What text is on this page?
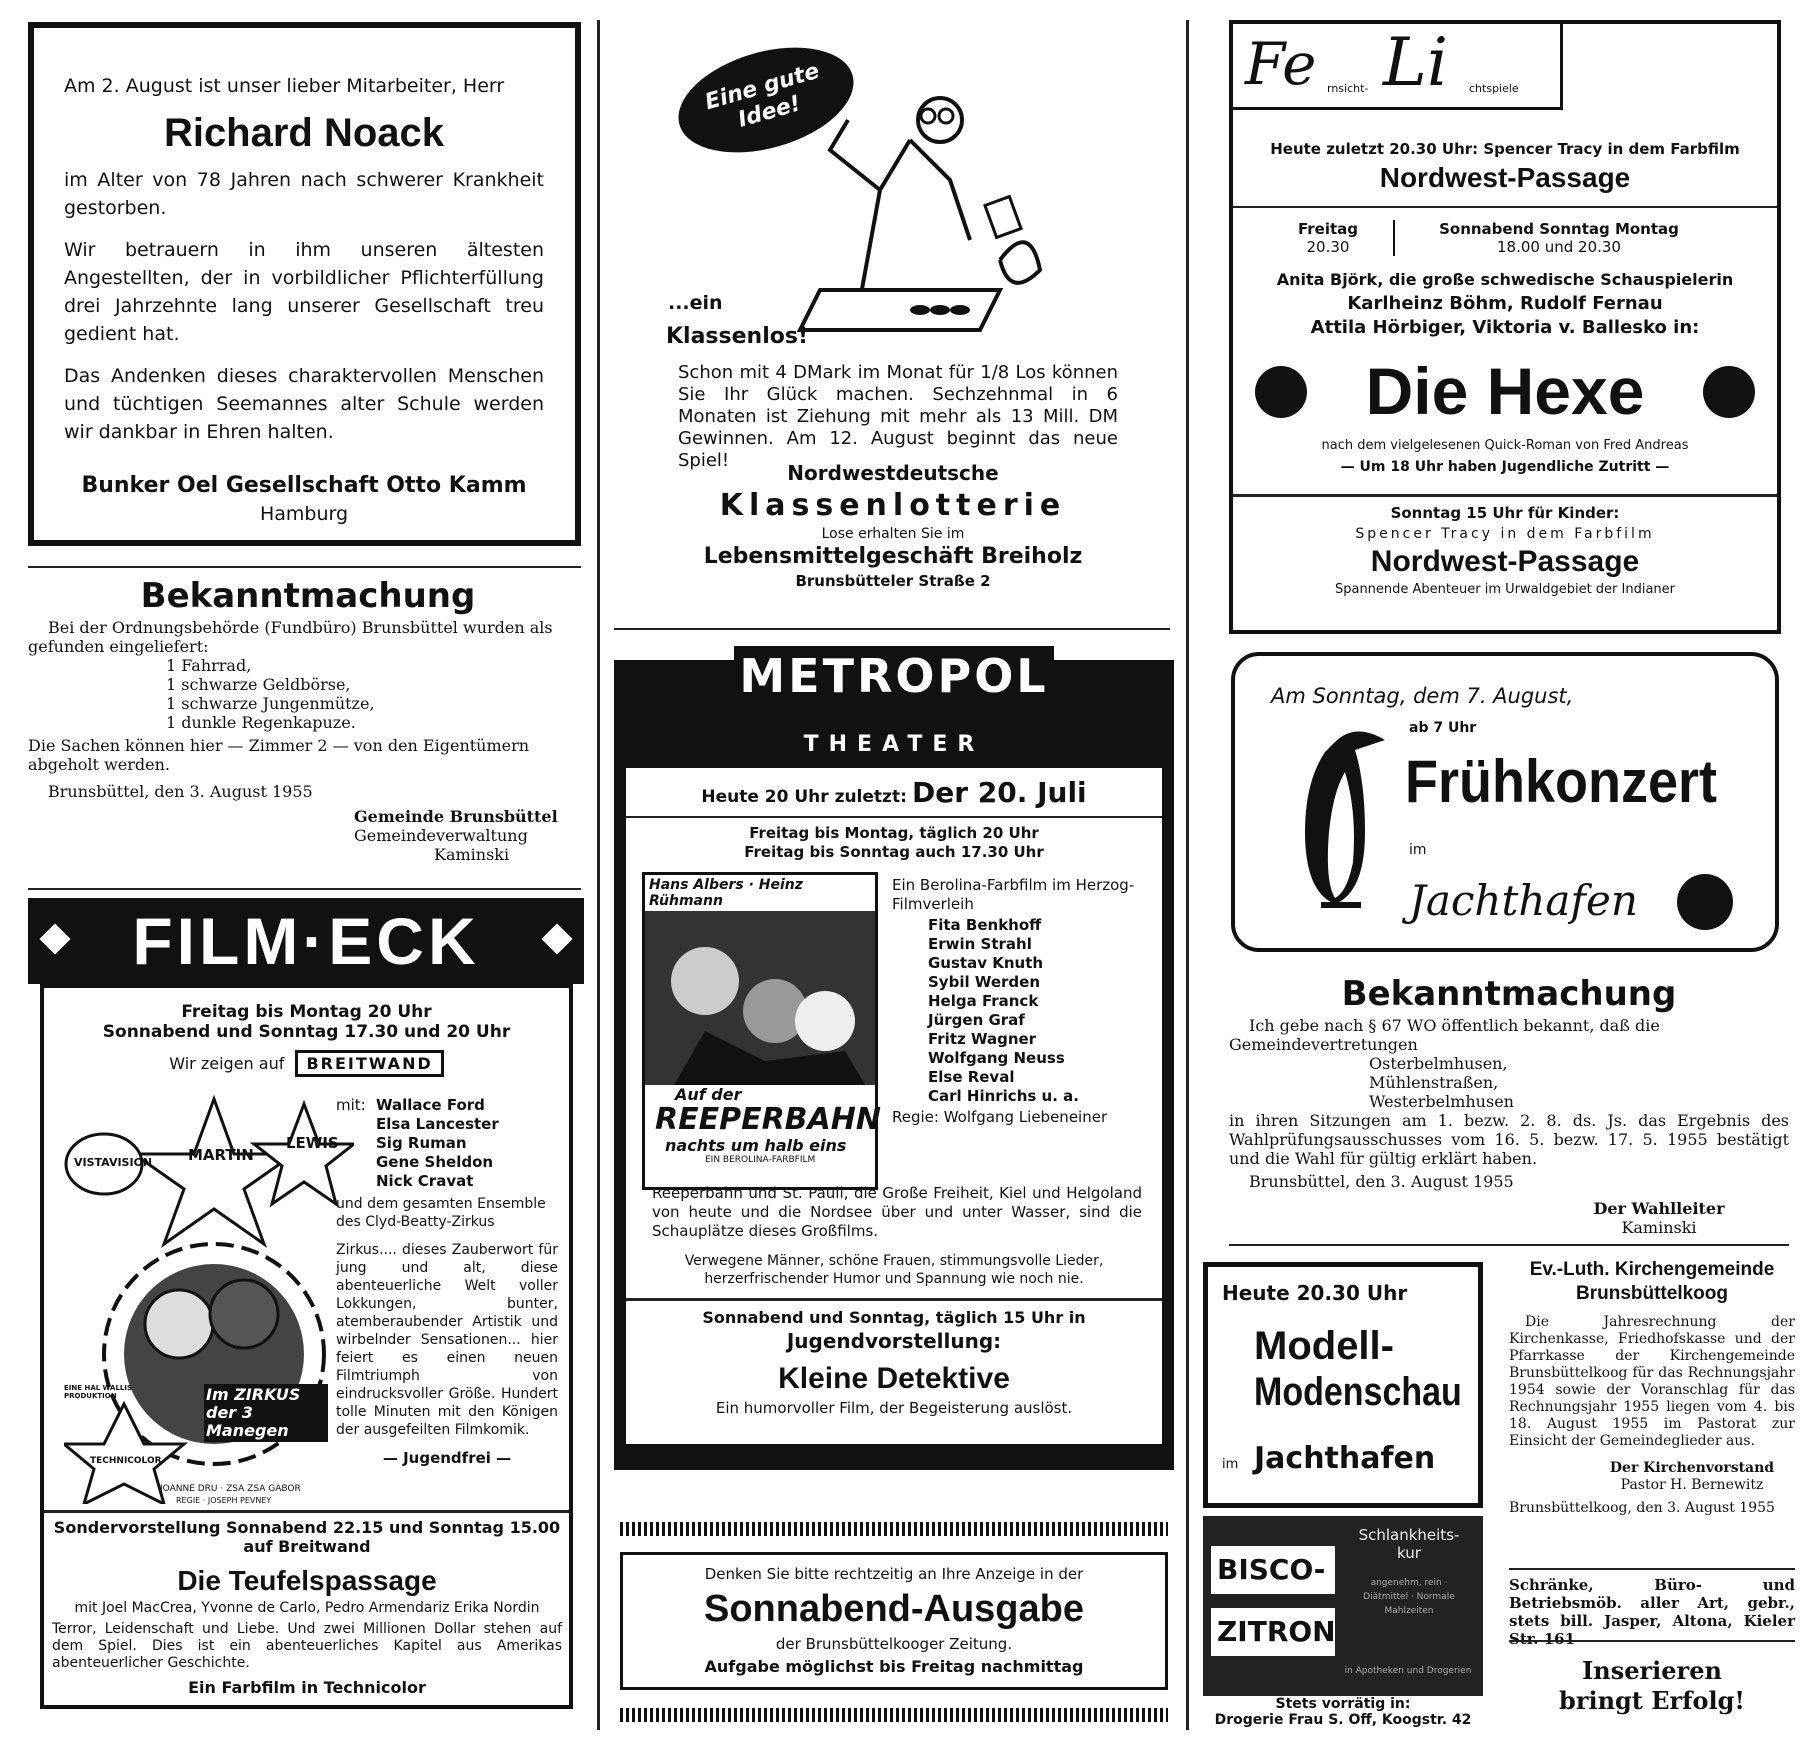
Am 2. August ist unser lieber Mitarbeiter, Herr

Richard Noack

im Alter von 78 Jahren nach schwerer Krankheit gestorben.

Wir betrauern in ihm unseren ältesten Angestellten, der in vorbildlicher Pflichterfüllung drei Jahrzehnte lang unserer Gesellschaft treu gedient hat.

Das Andenken dieses charaktervollen Menschen und tüchtigen Seemannes alter Schule werden wir dankbar in Ehren halten.

Bunker Oel Gesellschaft Otto Kamm

Hamburg

Bekanntmachung

Bei der Ordnungsbehörde (Fundbüro) Brunsbüttel wurden als gefunden eingeliefert:

1 Fahrrad,

1 schwarze Geldbörse,

1 schwarze Jungenmütze,

1 dunkle Regenkapuze.

Die Sachen können hier — Zimmer 2 — von den Eigentümern abgeholt werden.

Brunsbüttel, den 3. August 1955

Gemeinde Brunsbüttel

Gemeindeverwaltung

Kaminski

FILM·ECK

Freitag bis Montag 20 Uhr

Sonnabend und Sonntag 17.30 und 20 Uhr

Wir zeigen auf BREITWAND
VISTAVISION MARTIN
LEWIS
Im ZIRKUS der 3 Manegen
TECHNICOLOR
EINE HAL WALLIS PRODUKTION
JOANNE DRU · ZSA ZSA GABOR
REGIE · JOSEPH PEVNEY
mit: Wallace Ford

Elsa Lancester

Sig Ruman

Gene Sheldon

Nick Cravat

und dem gesamten Ensemble des Clyd-Beatty-Zirkus

Zirkus.... dieses Zauberwort für jung und alt, diese abenteuerliche Welt voller Lokkungen, bunter, atemberaubender Artistik und wirbelnder Sensationen... hier feiert es einen neuen Filmtriumph von eindrucksvoller Größe. Hundert tolle Minuten mit den Königen der ausgefeilten Filmkomik.

— Jugendfrei —

Sondervorstellung Sonnabend 22.15 und Sonntag 15.00 auf Breitwand

Die Teufelspassage

mit Joel MacCrea, Yvonne de Carlo, Pedro Armendariz Erika Nordin

Terror, Leidenschaft und Liebe. Und zwei Millionen Dollar stehen auf dem Spiel. Dies ist ein abenteuerliches Kapitel aus Amerikas abenteuerlicher Geschichte.

Ein Farbfilm in Technicolor

Eine gute Idee!

...ein

Klassenlos!

Schon mit 4 DMark im Monat für 1/8 Los können Sie Ihr Glück machen. Sechzehnmal in 6 Monaten ist Ziehung mit mehr als 13 Mill. DM Gewinnen. Am 12. August beginnt das neue Spiel!

Nordwestdeutsche

Klassenlotterie

Lose erhalten Sie im

Lebensmittelgeschäft Breiholz

Brunsbütteler Straße 2

METROPOL

THEATER

Heute 20 Uhr zuletzt: Der 20. Juli

Freitag bis Montag, täglich 20 Uhr

Freitag bis Sonntag auch 17.30 Uhr

Hans Albers · Heinz Rühmann

Auf der

REEPERBAHN

nachts um halb eins

EIN BEROLINA-FARBFILM

Ein Berolina-Farbfilm im Herzog-Filmverleih

Fita Benkhoff

Erwin Strahl

Gustav Knuth

Sybil Werden

Helga Franck

Jürgen Graf

Fritz Wagner

Wolfgang Neuss

Else Reval

Carl Hinrichs u. a.

Regie: Wolfgang Liebeneiner

Reeperbahn und St. Pauli, die Große Freiheit, Kiel und Helgoland von heute und die Nordsee über und unter Wasser, sind die Schauplätze dieses Großfilms.

Verwegene Männer, schöne Frauen, stimmungsvolle Lieder, herzerfrischender Humor und Spannung wie noch nie.

Sonnabend und Sonntag, täglich 15 Uhr in

Jugendvorstellung:

Kleine Detektive

Ein humorvoller Film, der Begeisterung auslöst.

Denken Sie bitte rechtzeitig an Ihre Anzeige in der

Sonnabend-Ausgabe

der Brunsbüttelkooger Zeitung.

Aufgabe möglichst bis Freitag nachmittag

Fe rnsicht- Li chtspiele

Heute zuletzt 20.30 Uhr: Spencer Tracy in dem Farbfilm

Nordwest-Passage

Freitag

20.30

Sonnabend Sonntag Montag

18.00 und 20.30

Anita Björk, die große schwedische Schauspielerin

Karlheinz Böhm, Rudolf Fernau

Attila Hörbiger, Viktoria v. Ballesko in:

Die Hexe

nach dem vielgelesenen Quick-Roman von Fred Andreas

— Um 18 Uhr haben Jugendliche Zutritt —

Sonntag 15 Uhr für Kinder:

Spencer Tracy in dem Farbfilm

Nordwest-Passage

Spannende Abenteuer im Urwaldgebiet der Indianer

Am Sonntag, dem 7. August,

ab 7 Uhr

Frühkonzert

im

Jachthafen

Bekanntmachung

Ich gebe nach § 67 WO öffentlich bekannt, daß die Gemeindevertretungen

Osterbelmhusen,

Mühlenstraßen,

Westerbelmhusen

in ihren Sitzungen am 1. bezw. 2. 8. ds. Js. das Ergebnis des Wahlprüfungsausschusses vom 16. 5. bezw. 17. 5. 1955 bestätigt und die Wahl für gültig erklärt haben.

Brunsbüttel, den 3. August 1955

Der Wahlleiter

Kaminski

Heute 20.30 Uhr

Modell-

Modenschau

im Jachthafen

BISCO-

ZITRON

Schlankheits-kur

angenehm, rein · Diätmittel · Normale Mahlzeiten

in Apotheken und Drogerien

Stets vorrätig in:

Drogerie Frau S. Off, Koogstr. 42

Ev.-Luth. Kirchengemeinde

Brunsbüttelkoog

Die Jahresrechnung der Kirchenkasse, Friedhofskasse und der Pfarrkasse der Kirchengemeinde Brunsbüttelkoog für das Rechnungsjahr 1954 sowie der Voranschlag für das Rechnungsjahr 1955 liegen vom 4. bis 18. August 1955 im Pastorat zur Einsicht der Gemeindeglieder aus.

Der Kirchenvorstand

Pastor H. Bernewitz

Brunsbüttelkoog, den 3. August 1955

Schränke, Büro- und Betriebsmöb. aller Art, gebr., stets bill. Jasper, Altona, Kieler Str. 161

Inserieren

bringt Erfolg!
